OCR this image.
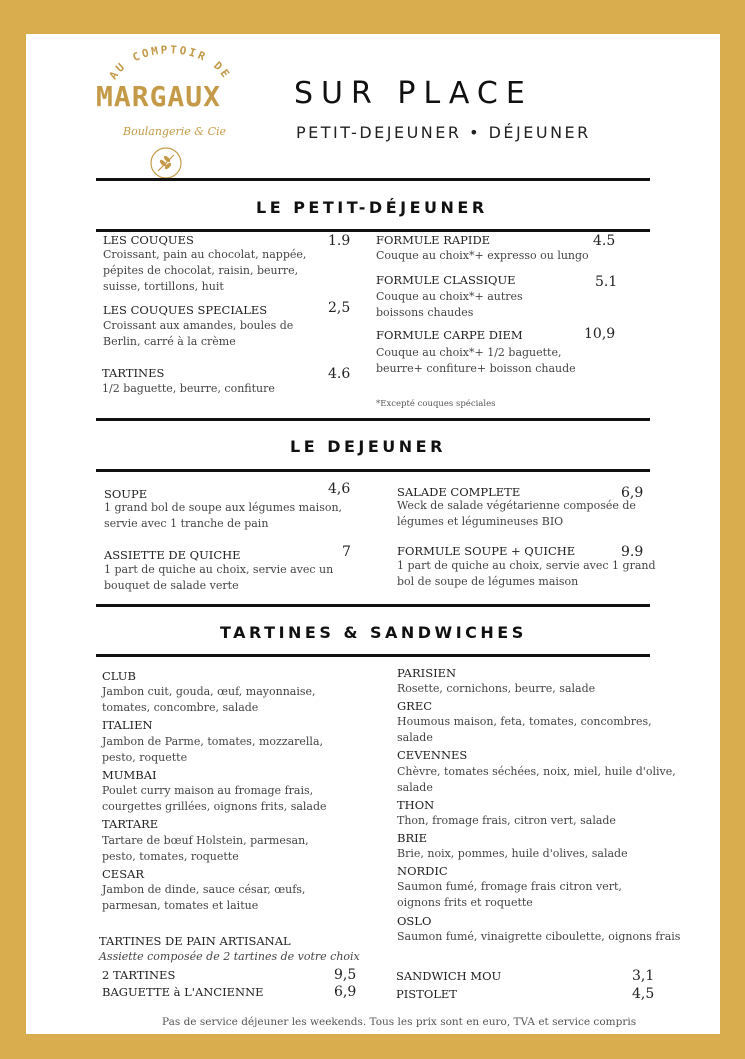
AU COMPTOIR DE
MARGAUX
Boulangerie & Cie
SUR PLACE
PETIT-DEJEUNER • DÉJEUNER
LE PETIT-DÉJEUNER
LES COUQUES	1.9
Croissant, pain au chocolat, nappée, pépites de chocolat, raisin, beurre, suisse, tortillons, huit
LES COUQUES SPECIALES	2,5
Croissant aux amandes, boules de Berlin, carré à la crème
TARTINES	4.6
1/2 baguette, beurre, confiture
FORMULE RAPIDE	4.5
Couque au choix*+ expresso ou lungo
FORMULE CLASSIQUE	5.1
Couque au choix*+ autres boissons chaudes
FORMULE CARPE DIEM	10,9
Couque au choix*+ 1/2 baguette, beurre+ confiture+ boisson chaude
*Excepté couques spéciales
LE DEJEUNER
SOUPE	4,6
1 grand bol de soupe aux légumes maison, servie avec 1 tranche de pain
ASSIETTE DE QUICHE	7
1 part de quiche au choix, servie avec un bouquet de salade verte
SALADE COMPLETE	6,9
Weck de salade végétarienne composée de légumes et légumineuses BIO
FORMULE SOUPE + QUICHE	9.9
1 part de quiche au choix, servie avec 1 grand bol de soupe de légumes maison
TARTINES & SANDWICHES
CLUB
Jambon cuit, gouda, œuf, mayonnaise, tomates, concombre, salade
ITALIEN
Jambon de Parme, tomates, mozzarella, pesto, roquette
MUMBAI
Poulet curry maison au fromage frais, courgettes grillées, oignons frits, salade
TARTARE
Tartare de bœuf Holstein, parmesan, pesto, tomates, roquette
CESAR
Jambon de dinde, sauce césar, œufs, parmesan, tomates et laitue
PARISIEN
Rosette, cornichons, beurre, salade
GREC
Houmous maison, feta, tomates, concombres, salade
CEVENNES
Chèvre, tomates séchées, noix, miel, huile d'olive, salade
THON
Thon, fromage frais, citron vert, salade
BRIE
Brie, noix, pommes, huile d'olives, salade
NORDIC
Saumon fumé, fromage frais citron vert, oignons frits et roquette
OSLO
Saumon fumé, vinaigrette ciboulette, oignons frais
TARTINES DE PAIN ARTISANAL
Assiette composée de 2 tartines de votre choix
2 TARTINES	9,5
BAGUETTE à L'ANCIENNE	6,9
SANDWICH MOU	3,1
PISTOLET	4,5
Pas de service déjeuner les weekends. Tous les prix sont en euro, TVA et service compris
